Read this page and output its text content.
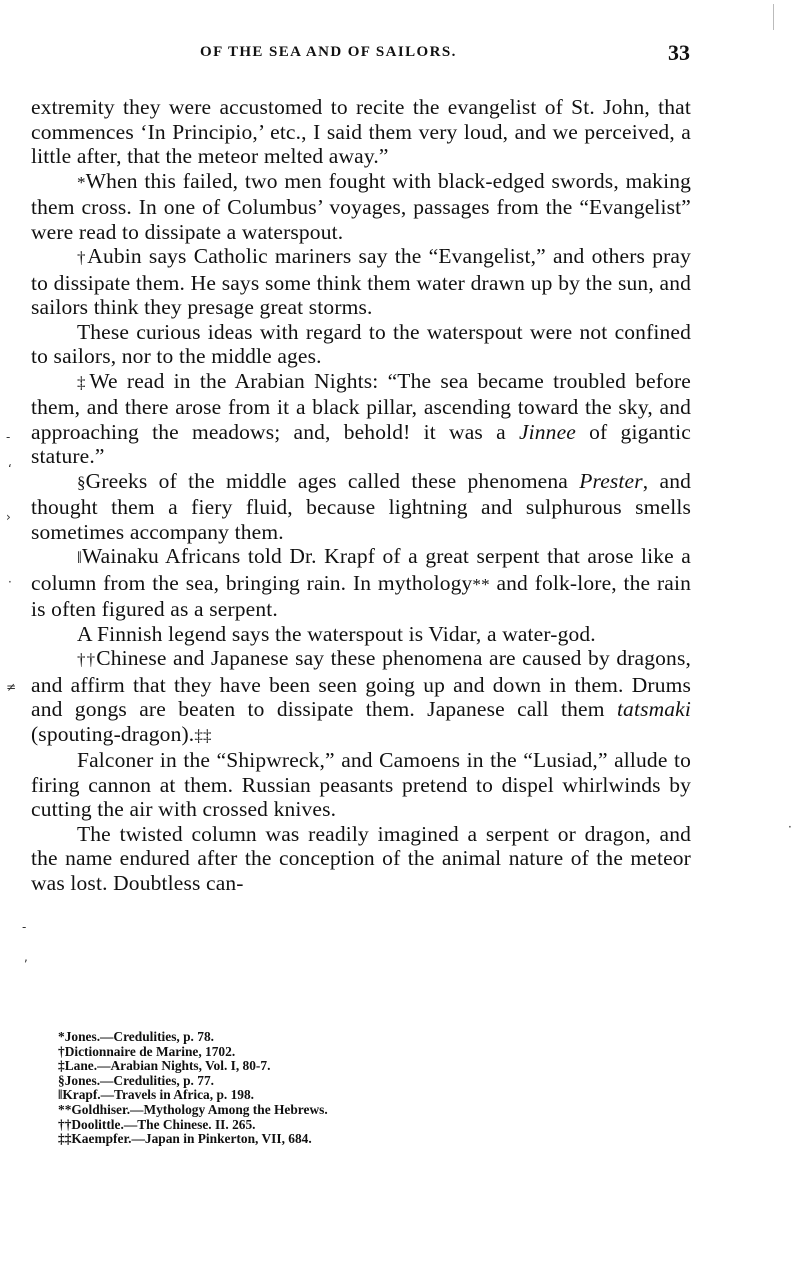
OF THE SEA AND OF SAILORS.	33

extremity they were accustomed to recite the evangelist of St. John, that commences ‘In Principio,’ etc., I said them very loud, and we perceived, a little after, that the meteor melted away.”

*When this failed, two men fought with black-edged swords, making them cross. In one of Columbus’ voyages, passages from the “Evangelist” were read to dissipate a waterspout.

†Aubin says Catholic mariners say the “Evangelist,” and others pray to dissipate them. He says some think them water drawn up by the sun, and sailors think they presage great storms.

These curious ideas with regard to the waterspout were not confined to sailors, nor to the middle ages.

‡We read in the Arabian Nights: “The sea became troubled before them, and there arose from it a black pillar, ascending toward the sky, and approaching the meadows; and, behold! it was a Jinnee of gigantic stature.”

§Greeks of the middle ages called these phenomena Prester, and thought them a fiery fluid, because lightning and sulphurous smells sometimes accompany them.

‖Wainaku Africans told Dr. Krapf of a great serpent that arose like a column from the sea, bringing rain. In mythology** and folk-lore, the rain is often figured as a serpent.

A Finnish legend says the waterspout is Vidar, a water-god.

††Chinese and Japanese say these phenomena are caused by dragons, and affirm that they have been seen going up and down in them. Drums and gongs are beaten to dissipate them. Japanese call them tatsmaki (spouting-dragon).‡‡

Falconer in the “Shipwreck,” and Camoens in the “Lusiad,” allude to firing cannon at them. Russian peasants pretend to dispel whirlwinds by cutting the air with crossed knives.

The twisted column was readily imagined a serpent or dragon, and the name endured after the conception of the animal nature of the meteor was lost. Doubtless can-

*Jones.—Credulities, p. 78.
†Dictionnaire de Marine, 1702.
‡Lane.—Arabian Nights, Vol. I, 80-7.
§Jones.—Credulities, p. 77.
‖Krapf.—Travels in Africa, p. 198.
**Goldhiser.—Mythology Among the Hebrews.
††Doolittle.—The Chinese. II. 265.
‡‡Kaempfer.—Japan in Pinkerton, VII, 684.
-
‘
›
·
≠
·
-
,
